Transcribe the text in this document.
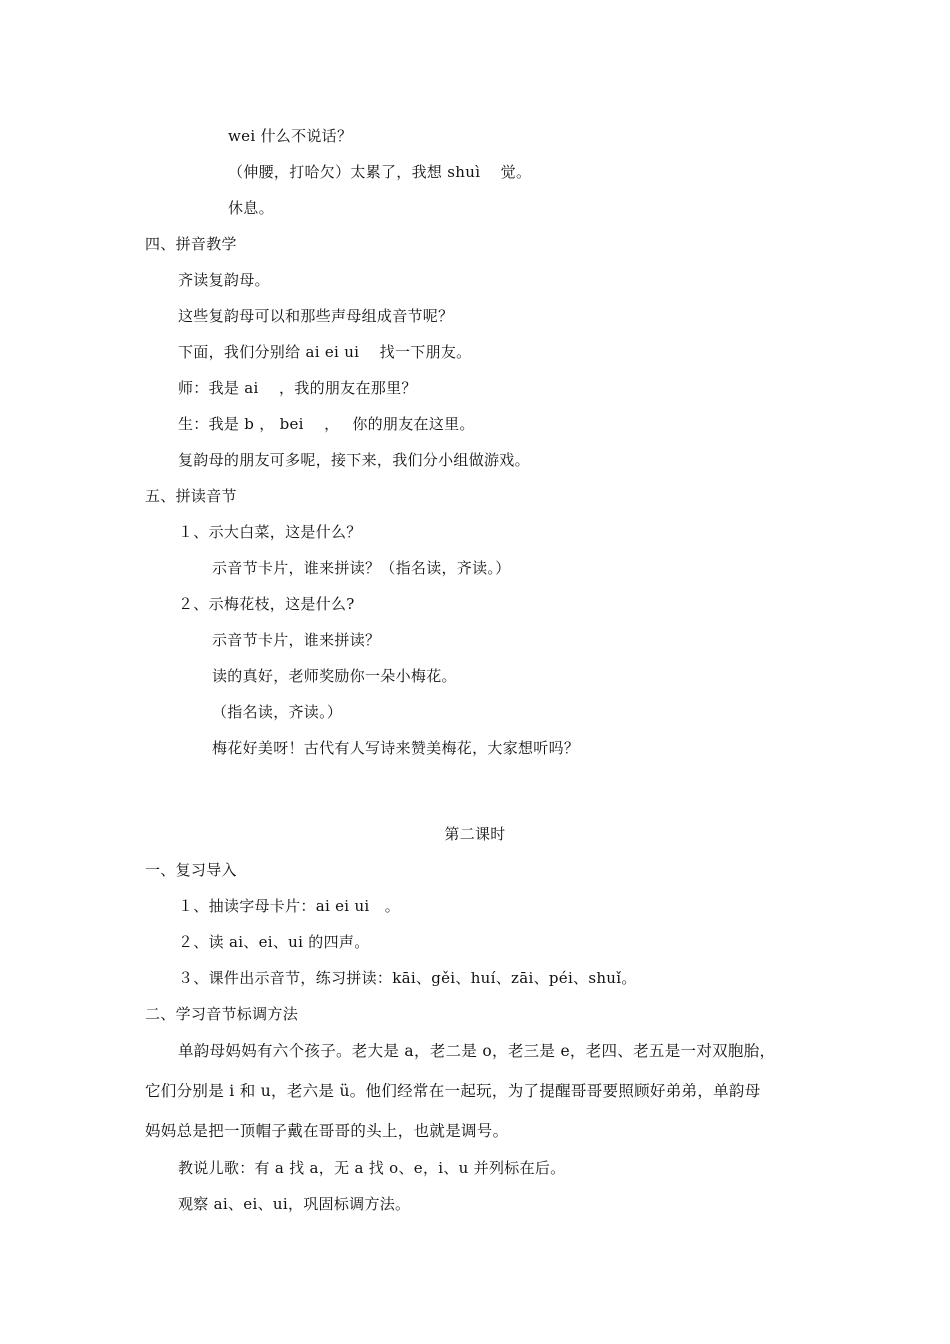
wei 什么不说话？
（伸腰，打哈欠）太累了，我想 shuì　 觉。
休息。
四、拼音教学
齐读复韵母。
这些复韵母可以和那些声母组成音节呢？
下面，我们分别给 ai ei ui　 找一下朋友。
师：我是 ai　 ，我的朋友在那里？
生：我是 b ， bei　 ，　 你的朋友在这里。
复韵母的朋友可多呢，接下来，我们分小组做游戏。
五、拼读音节
１、示大白菜，这是什么？
示音节卡片，谁来拼读？（指名读，齐读。）
２、示梅花枝，这是什么?
示音节卡片，谁来拼读？
读的真好，老师奖励你一朵小梅花。
（指名读，齐读。）
梅花好美呀！古代有人写诗来赞美梅花，大家想听吗？
第二课时
一、复习导入
１、抽读字母卡片：ai ei ui　。
２、读 ai、ei、ui 的四声。
３、课件出示音节，练习拼读：kāi、gěi、huí、zāi、péi、shuǐ。
二、学习音节标调方法
单韵母妈妈有六个孩子。老大是 a，老二是 o，老三是 e，老四、老五是一对双胞胎，
它们分别是 i 和 u，老六是 ü。他们经常在一起玩，为了提醒哥哥要照顾好弟弟，单韵母
妈妈总是把一顶帽子戴在哥哥的头上，也就是调号。
教说儿歌：有 a 找 a，无 a 找 o、e，i、u 并列标在后。
观察 ai、ei、ui，巩固标调方法。
